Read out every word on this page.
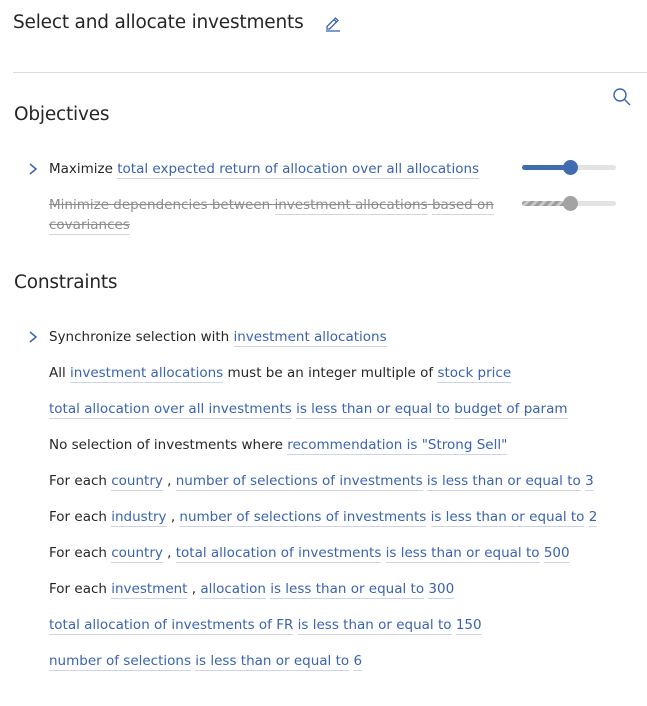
Select and allocate investments
Objectives
Maximize total expected return of allocation over all allocations
Minimize dependencies between investment allocations based on
covariances
Constraints
Synchronize selection with investment allocations
All investment allocations must be an integer multiple of stock price
total allocation over all investments is less than or equal to budget of param
No selection of investments where recommendation is "Strong Sell"
For each country , number of selections of investments is less than or equal to 3
For each industry , number of selections of investments is less than or equal to 2
For each country , total allocation of investments is less than or equal to 500
For each investment , allocation is less than or equal to 300
total allocation of investments of FR is less than or equal to 150
number of selections is less than or equal to 6
